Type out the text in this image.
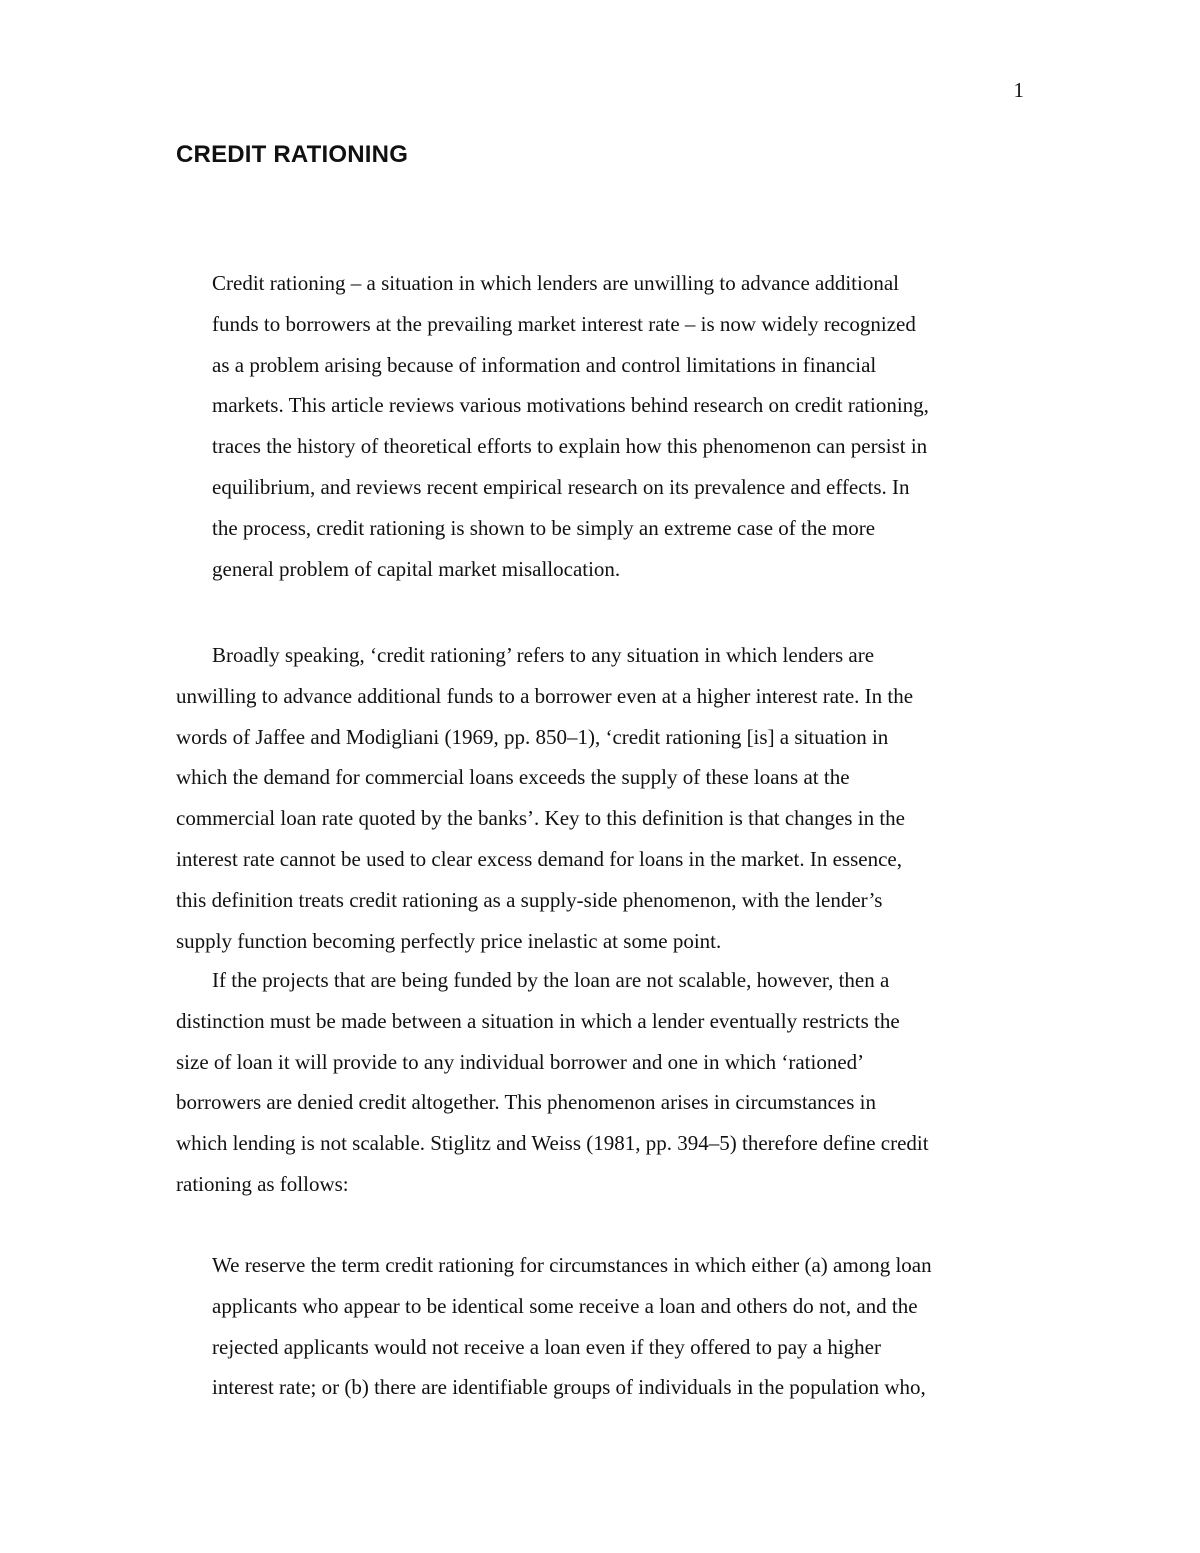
1
CREDIT RATIONING
Credit rationing – a situation in which lenders are unwilling to advance additional
funds to borrowers at the prevailing market interest rate – is now widely recognized
as a problem arising because of information and control limitations in financial
markets. This article reviews various motivations behind research on credit rationing,
traces the history of theoretical efforts to explain how this phenomenon can persist in
equilibrium, and reviews recent empirical research on its prevalence and effects. In
the process, credit rationing is shown to be simply an extreme case of the more
general problem of capital market misallocation.
Broadly speaking, ‘credit rationing’ refers to any situation in which lenders are
unwilling to advance additional funds to a borrower even at a higher interest rate. In the
words of Jaffee and Modigliani (1969, pp. 850–1), ‘credit rationing [is] a situation in
which the demand for commercial loans exceeds the supply of these loans at the
commercial loan rate quoted by the banks’. Key to this definition is that changes in the
interest rate cannot be used to clear excess demand for loans in the market. In essence,
this definition treats credit rationing as a supply-side phenomenon, with the lender’s
supply function becoming perfectly price inelastic at some point.
If the projects that are being funded by the loan are not scalable, however, then a
distinction must be made between a situation in which a lender eventually restricts the
size of loan it will provide to any individual borrower and one in which ‘rationed’
borrowers are denied credit altogether. This phenomenon arises in circumstances in
which lending is not scalable. Stiglitz and Weiss (1981, pp. 394–5) therefore define credit
rationing as follows:
We reserve the term credit rationing for circumstances in which either (a) among loan
applicants who appear to be identical some receive a loan and others do not, and the
rejected applicants would not receive a loan even if they offered to pay a higher
interest rate; or (b) there are identifiable groups of individuals in the population who,
